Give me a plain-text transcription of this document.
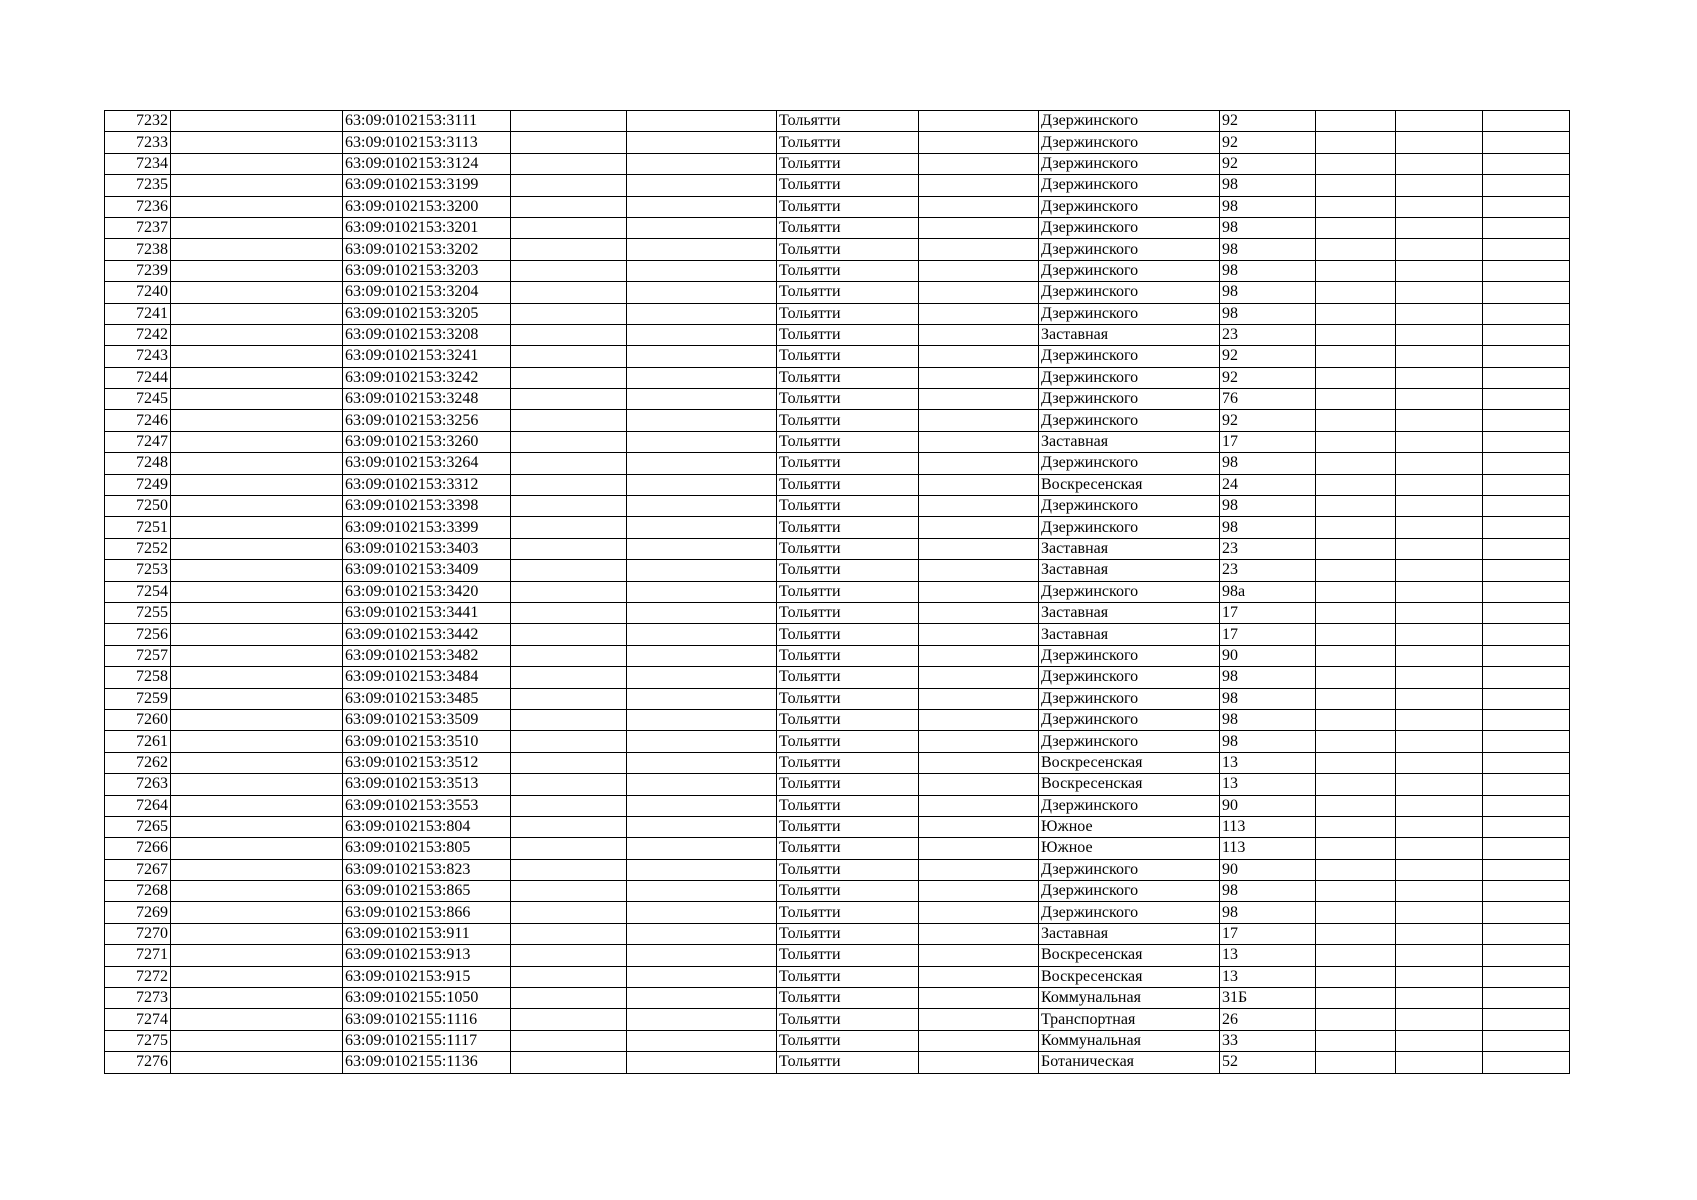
7232		63:09:0102153:3111			Тольятти		Дзержинского	92			
7233		63:09:0102153:3113			Тольятти		Дзержинского	92			
7234		63:09:0102153:3124			Тольятти		Дзержинского	92			
7235		63:09:0102153:3199			Тольятти		Дзержинского	98			
7236		63:09:0102153:3200			Тольятти		Дзержинского	98			
7237		63:09:0102153:3201			Тольятти		Дзержинского	98			
7238		63:09:0102153:3202			Тольятти		Дзержинского	98			
7239		63:09:0102153:3203			Тольятти		Дзержинского	98			
7240		63:09:0102153:3204			Тольятти		Дзержинского	98			
7241		63:09:0102153:3205			Тольятти		Дзержинского	98			
7242		63:09:0102153:3208			Тольятти		Заставная	23			
7243		63:09:0102153:3241			Тольятти		Дзержинского	92			
7244		63:09:0102153:3242			Тольятти		Дзержинского	92			
7245		63:09:0102153:3248			Тольятти		Дзержинского	76			
7246		63:09:0102153:3256			Тольятти		Дзержинского	92			
7247		63:09:0102153:3260			Тольятти		Заставная	17			
7248		63:09:0102153:3264			Тольятти		Дзержинского	98			
7249		63:09:0102153:3312			Тольятти		Воскресенская	24			
7250		63:09:0102153:3398			Тольятти		Дзержинского	98			
7251		63:09:0102153:3399			Тольятти		Дзержинского	98			
7252		63:09:0102153:3403			Тольятти		Заставная	23			
7253		63:09:0102153:3409			Тольятти		Заставная	23			
7254		63:09:0102153:3420			Тольятти		Дзержинского	98а			
7255		63:09:0102153:3441			Тольятти		Заставная	17			
7256		63:09:0102153:3442			Тольятти		Заставная	17			
7257		63:09:0102153:3482			Тольятти		Дзержинского	90			
7258		63:09:0102153:3484			Тольятти		Дзержинского	98			
7259		63:09:0102153:3485			Тольятти		Дзержинского	98			
7260		63:09:0102153:3509			Тольятти		Дзержинского	98			
7261		63:09:0102153:3510			Тольятти		Дзержинского	98			
7262		63:09:0102153:3512			Тольятти		Воскресенская	13			
7263		63:09:0102153:3513			Тольятти		Воскресенская	13			
7264		63:09:0102153:3553			Тольятти		Дзержинского	90			
7265		63:09:0102153:804			Тольятти		Южное	113			
7266		63:09:0102153:805			Тольятти		Южное	113			
7267		63:09:0102153:823			Тольятти		Дзержинского	90			
7268		63:09:0102153:865			Тольятти		Дзержинского	98			
7269		63:09:0102153:866			Тольятти		Дзержинского	98			
7270		63:09:0102153:911			Тольятти		Заставная	17			
7271		63:09:0102153:913			Тольятти		Воскресенская	13			
7272		63:09:0102153:915			Тольятти		Воскресенская	13			
7273		63:09:0102155:1050			Тольятти		Коммунальная	31Б			
7274		63:09:0102155:1116			Тольятти		Транспортная	26			
7275		63:09:0102155:1117			Тольятти		Коммунальная	33			
7276		63:09:0102155:1136			Тольятти		Ботаническая	52			
